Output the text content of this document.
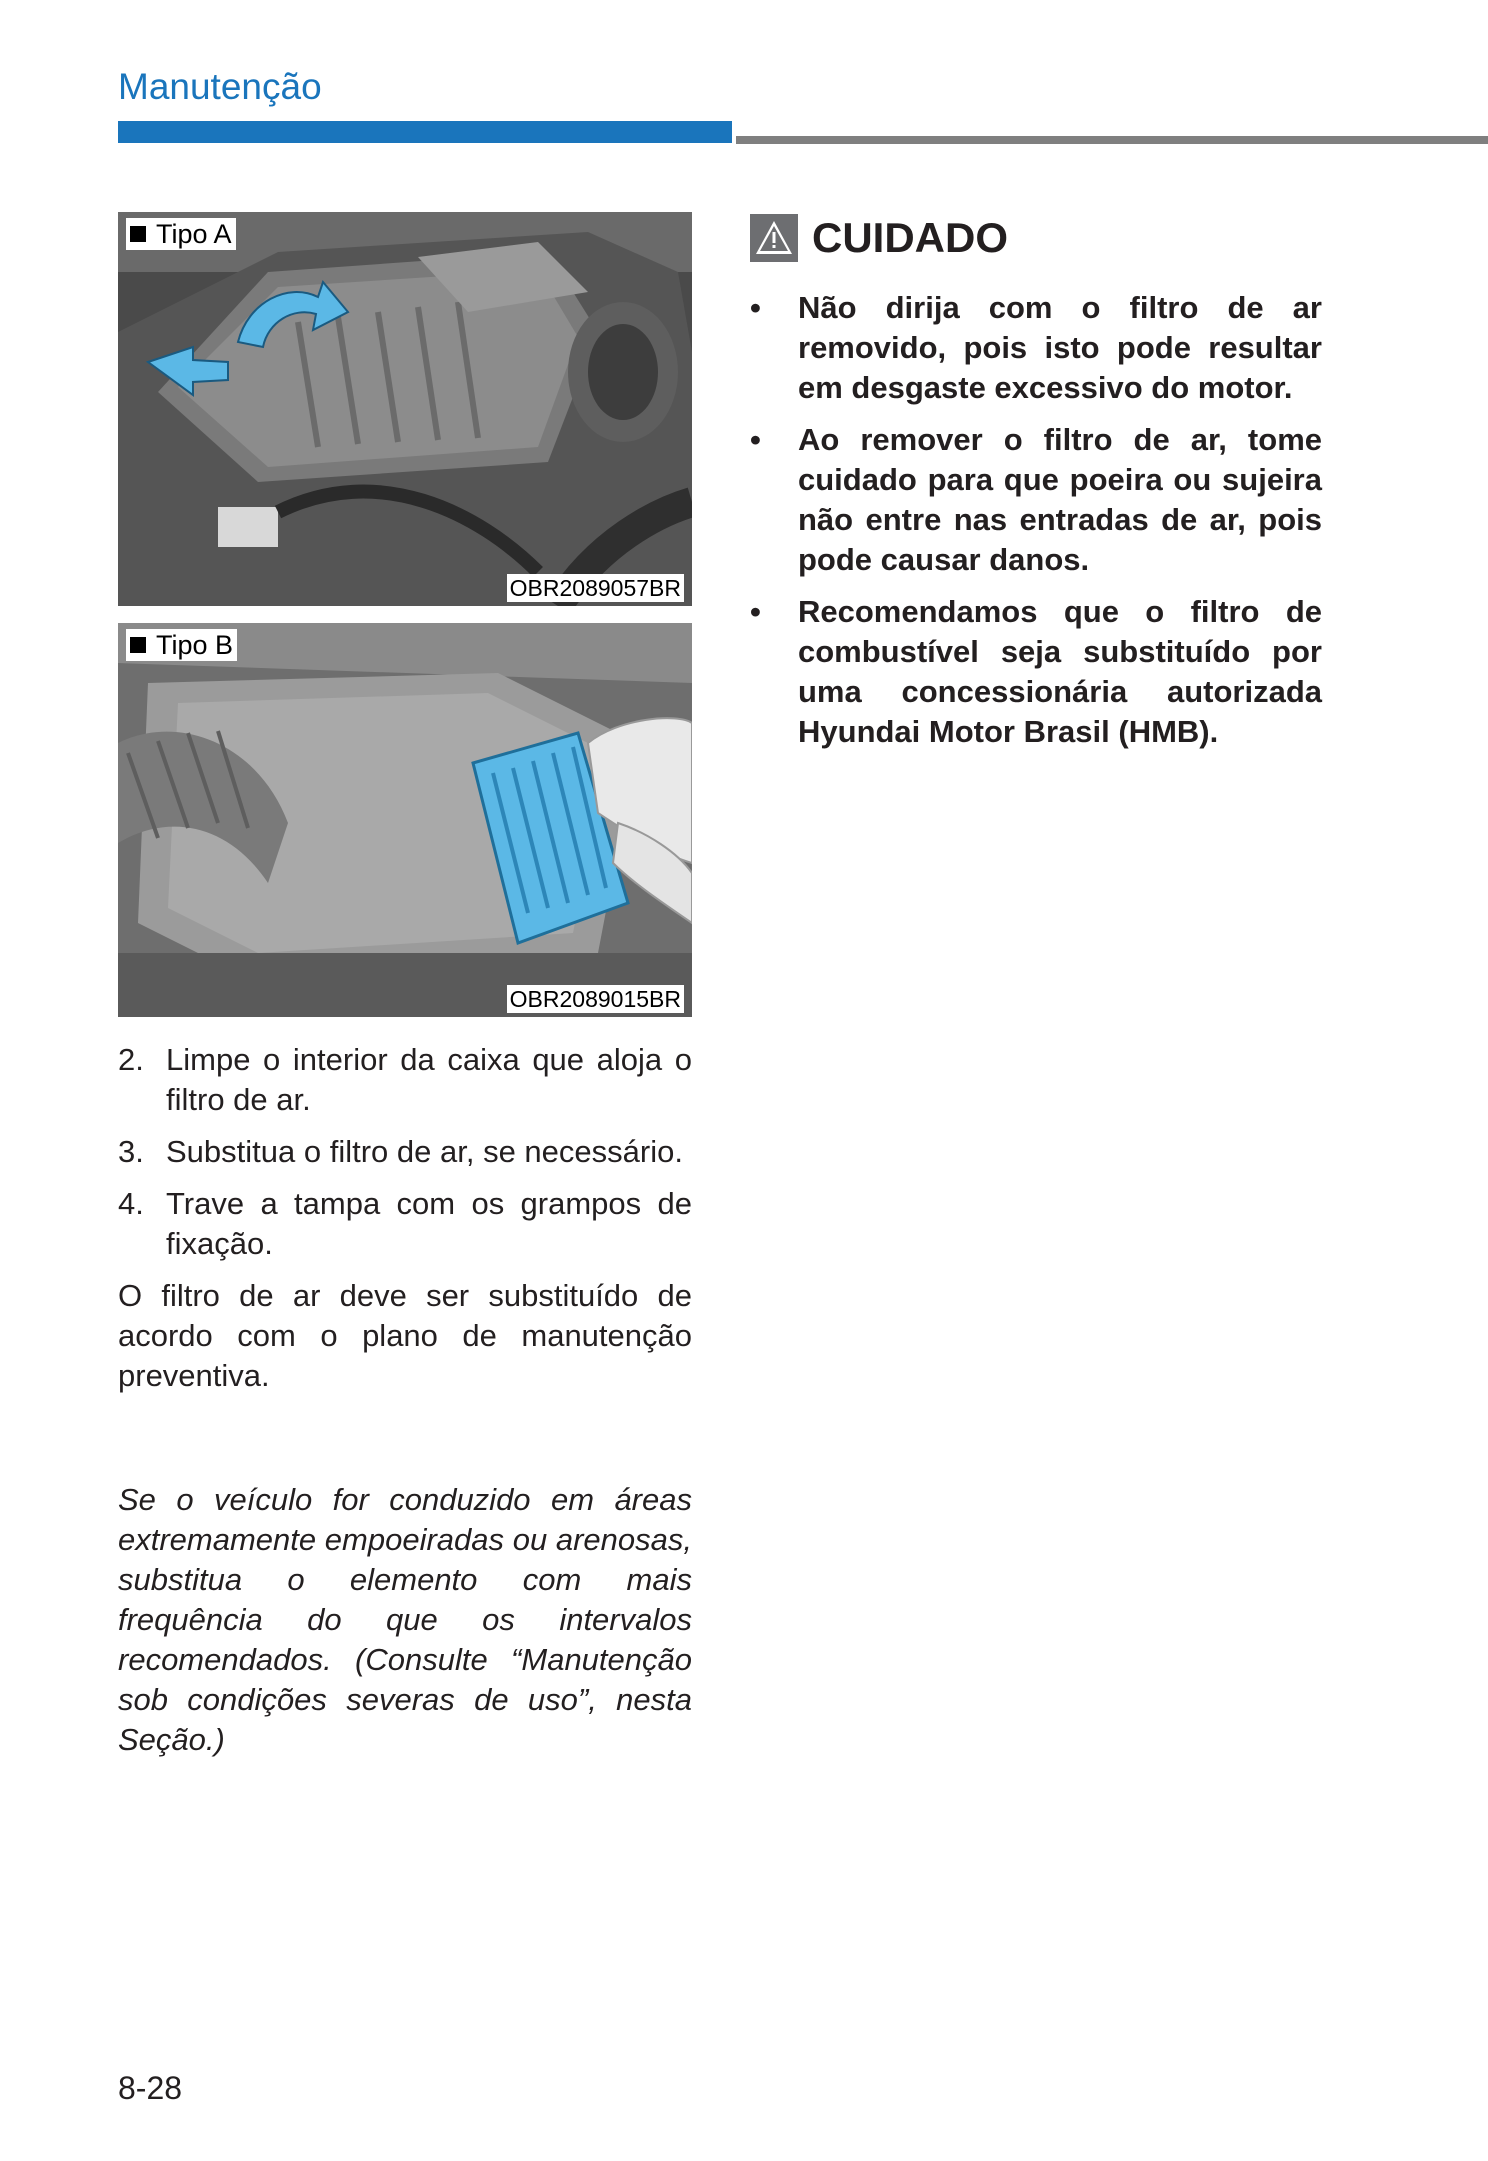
Manutenção
Tipo A
OBR2089057BR
Tipo B
OBR2089015BR
2. Limpe o interior da caixa que aloja o filtro de ar.
3. Substitua o filtro de ar, se necessário.
4. Trave a tampa com os grampos de fixação.
O filtro de ar deve ser substituído de acordo com o plano de manutenção preventiva.
Se o veículo for conduzido em áreas extremamente empoeiradas ou arenosas, substitua o elemento com mais frequência do que os intervalos recomendados. (Consulte “Manutenção sob condições severas de uso”, nesta Seção.)
CUIDADO
•	Não dirija com o filtro de ar removido, pois isto pode resultar em desgaste excessivo do motor.
•	Ao remover o filtro de ar, tome cuidado para que poeira ou sujeira não entre nas entradas de ar, pois pode causar danos.
•	Recomendamos que o filtro de combustível seja substituído por uma concessionária autorizada Hyundai Motor Brasil (HMB).
8-28
